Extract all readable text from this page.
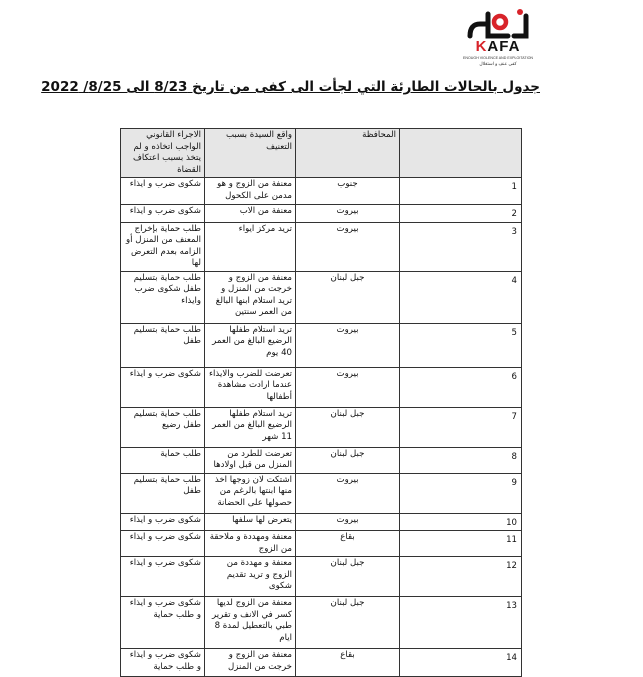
KAFA
ENOUGH VIOLENCE AND EXPLOITATION
كفى عنف و استغلال
جدول بالحالات الطارئة التي لجأت الى كفى من تاريخ 8/23 الى 8/25/ 2022
	المحافظة	واقع السيدة بسبب التعنيف	الاجراء القانوني الواجب اتخاذه و لم يتخذ بسبب اعتكاف القضاة
1	جنوب	معنفة من الزوج و هو مدمن على الكحول	شكوى ضرب و ايذاء
2	بيروت	معنفة من الاب	شكوى ضرب و ايذاء
3	بيروت	تريد مركز ايواء	طلب حماية بإخراج المعنف من المنزل أو الزامه بعدم التعرض لها
4	جبل لبنان	معنفة من الزوج و خرجت من المنزل و تريد استلام ابنها البالغ من العمر سنتين	طلب حماية بتسليم طفل شكوى ضرب وايذاء
5	بيروت	تريد استلام طفلها الرضيع البالغ من العمر 40 يوم	طلب حماية بتسليم طفل
6	بيروت	تعرضت للضرب والايذاء عندما ارادت مشاهدة أطفالها	شكوى ضرب و ايذاء
7	جبل لبنان	تريد استلام طفلها الرضيع البالغ من العمر 11 شهر	طلب حماية بتسليم طفل رضيع
8	جبل لبنان	تعرضت للطرد من المنزل من قبل اولادها	طلب حماية
9	بيروت	اشتكت لان زوجها اخذ منها ابنتها بالرغم من حصولها على الحضانة	طلب حماية بتسليم طفل
10	بيروت	يتعرض لها سلفها	شكوى ضرب و ايذاء
11	بقاع	معنفة ومهددة و ملاحقة من الزوج	شكوى ضرب و ايذاء
12	جبل لبنان	معنفة و مهددة من الزوج و تريد تقديم شكوى	شكوى ضرب و ايذاء
13	جبل لبنان	معنفة من الزوج لديها كسر في الانف و تقرير طبي بالتعطيل لمدة 8 ايام	شكوى ضرب و ايذاء و طلب حماية
14	بقاع	معنفة من الزوج و خرجت من المنزل	شكوى ضرب و ايذاء و طلب حماية
